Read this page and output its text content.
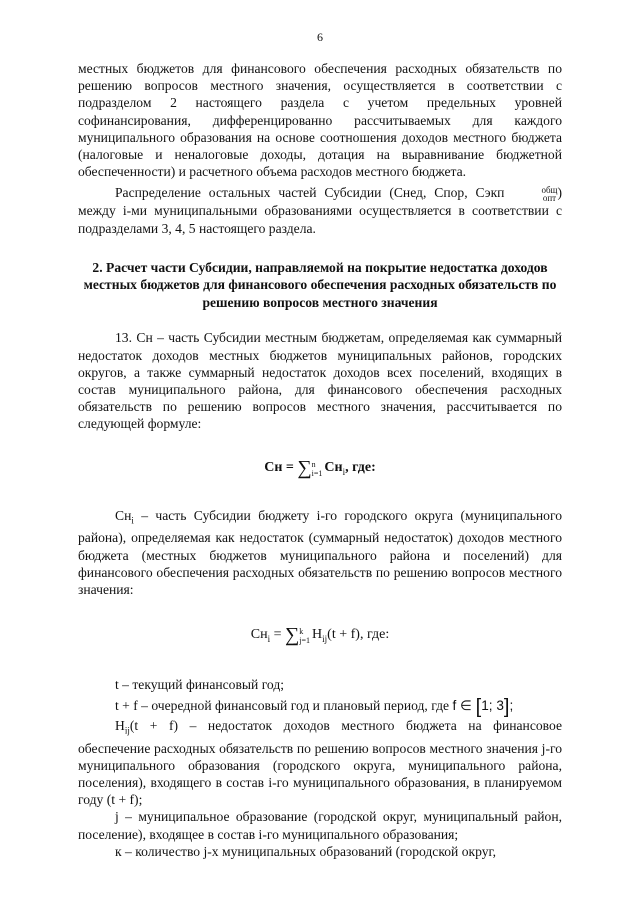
6

местных бюджетов для финансового обеспечения расходных обязательств по решению вопросов местного значения, осуществляется в соответствии с подразделом 2 настоящего раздела с учетом предельных уровней софинансирования, дифференцированно рассчитываемых для каждого муниципального образования на основе соотношения доходов местного бюджета (налоговые и неналоговые доходы, дотация на выравнивание бюджетной обеспеченности) и расчетного объема расходов местного бюджета.

Распределение остальных частей Субсидии (Снед, Спор, Сэкп	общ
опт ) между i-ми муниципальными образованиями осуществляется в соответствии с подразделами 3, 4, 5 настоящего раздела.

2. Расчет части Субсидии, направляемой на покрытие недостатка доходов местных бюджетов для финансового обеспечения расходных обязательств по решению вопросов местного значения

13. Сн – часть Субсидии местным бюджетам, определяемая как суммарный недостаток доходов местных бюджетов муниципальных районов, городских округов, а также суммарный недостаток доходов всех поселений, входящих в состав муниципального района, для финансового обеспечения расходных обязательств по решению вопросов местного значения, рассчитывается по следующей формуле:

Сн = ∑ n
i=1 $Сн_i$, где:

$Сн_i$ – часть Субсидии бюджету i-го городского округа (муниципального района), определяемая как недостаток (суммарный недостаток) доходов местного бюджета (местных бюджетов муниципального района и поселений) для финансового обеспечения расходных обязательств по решению вопросов местного значения:

$Сн_i$ = ∑ k
j=1 $Н_{ij}(t + f)$, где:

t – текущий финансовый год;

t + f – очередной финансовый год и плановый период, где f ∈ [1; 3];

$Н_{ij}(t + f)$ – недостаток доходов местного бюджета на финансовое обеспечение расходных обязательств по решению вопросов местного значения j-го муниципального образования (городского округа, муниципального района, поселения), входящего в состав i-го муниципального образования, в планируемом году (t + f);

j – муниципальное образование (городской округ, муниципальный район, поселение), входящее в состав i-го муниципального образования;

к – количество j-х муниципальных образований (городской округ,
